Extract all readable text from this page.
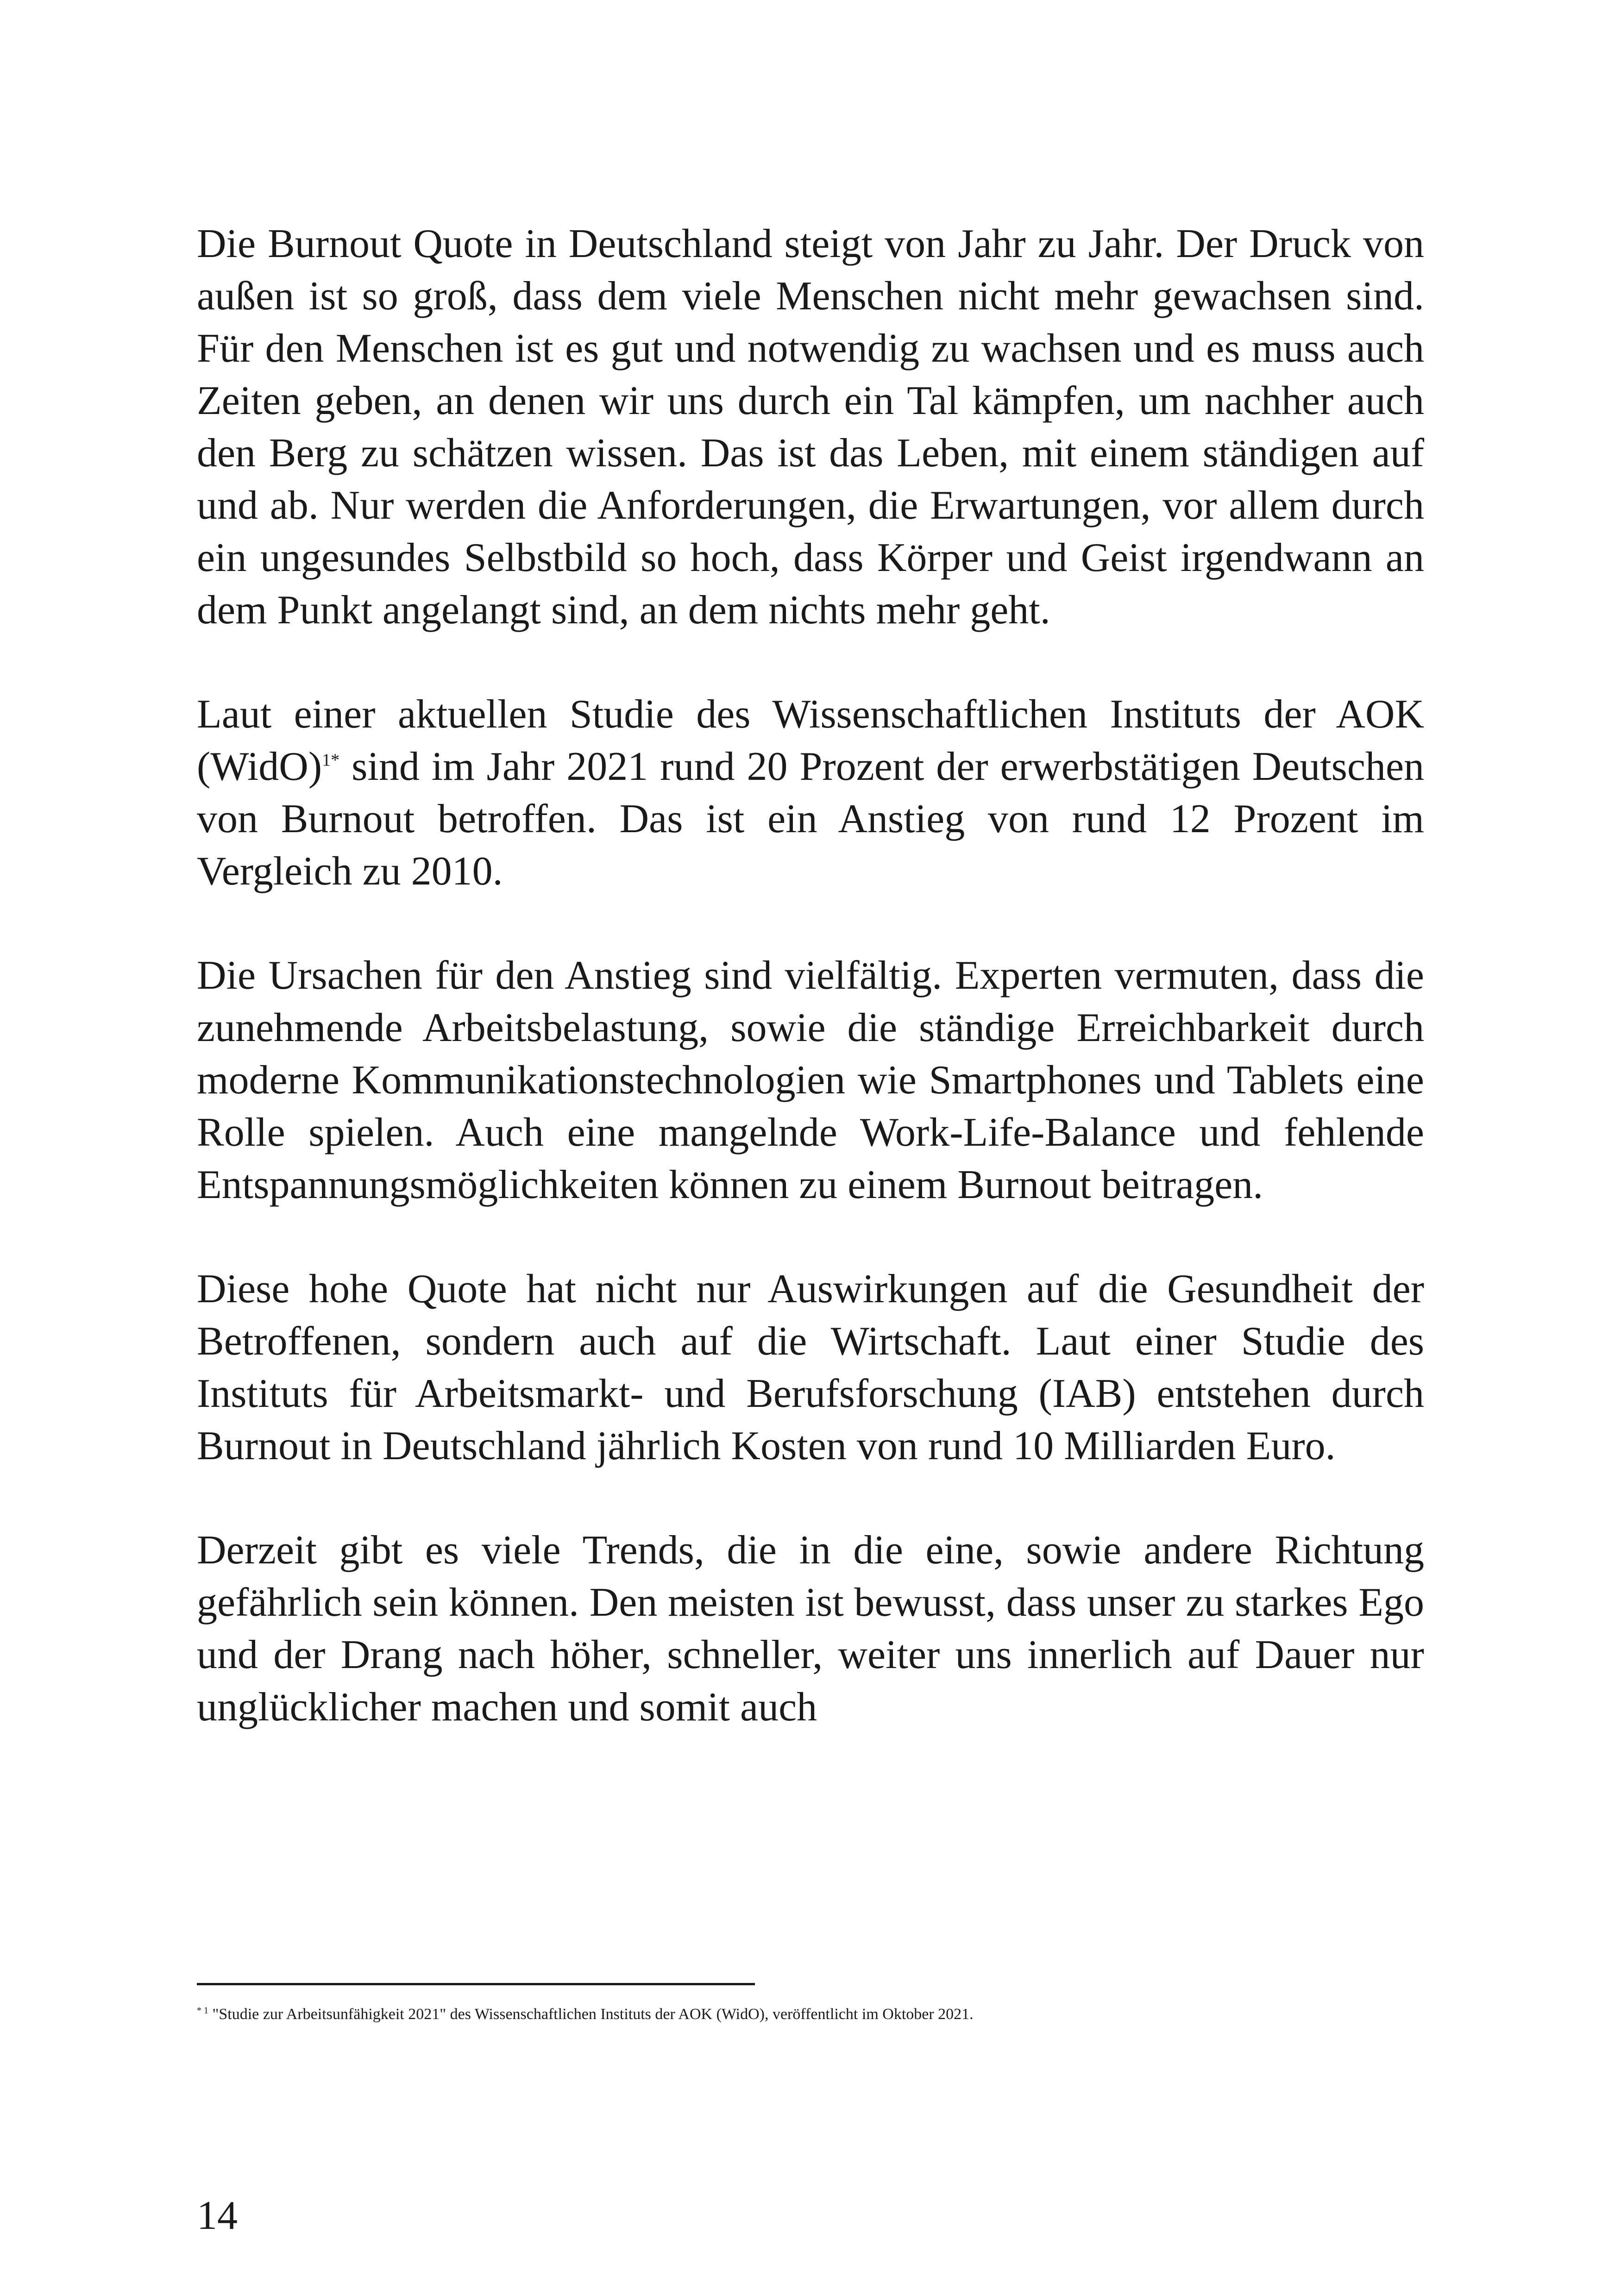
Die Burnout Quote in Deutschland steigt von Jahr zu Jahr. Der Druck von außen ist so groß, dass dem viele Menschen nicht mehr gewachsen sind. Für den Menschen ist es gut und notwendig zu wachsen und es muss auch Zeiten geben, an denen wir uns durch ein Tal kämpfen, um nachher auch den Berg zu schätzen wissen. Das ist das Leben, mit einem ständigen auf und ab. Nur werden die Anforderungen, die Erwartungen, vor allem durch ein ungesundes Selbstbild so hoch, dass Körper und Geist irgendwann an dem Punkt angelangt sind, an dem nichts mehr geht.

Laut einer aktuellen Studie des Wissenschaftlichen Instituts der AOK (WidO)$^{1*}$ sind im Jahr 2021 rund 20 Prozent der erwerbstätigen Deutschen von Burnout betroffen. Das ist ein Anstieg von rund 12 Prozent im Vergleich zu 2010.

Die Ursachen für den Anstieg sind vielfältig. Experten vermuten, dass die zunehmende Arbeitsbelastung, sowie die ständige Erreichbarkeit durch moderne Kommunikationstechnologien wie Smartphones und Tablets eine Rolle spielen. Auch eine mangelnde Work-Life-Balance und fehlende Entspannungsmöglichkeiten können zu einem Burnout beitragen.

Diese hohe Quote hat nicht nur Auswirkungen auf die Gesundheit der Betroffenen, sondern auch auf die Wirtschaft. Laut einer Studie des Instituts für Arbeitsmarkt- und Berufsforschung (IAB) entstehen durch Burnout in Deutschland jährlich Kosten von rund 10 Milliarden Euro.

Derzeit gibt es viele Trends, die in die eine, sowie andere Richtung gefährlich sein können. Den meisten ist bewusst, dass unser zu starkes Ego und der Drang nach höher, schneller, weiter uns innerlich auf Dauer nur unglücklicher machen und somit auch

$^{* 1}$ "Studie zur Arbeitsunfähigkeit 2021" des Wissenschaftlichen Instituts der AOK (WidO), veröffentlicht im Oktober 2021.
14
